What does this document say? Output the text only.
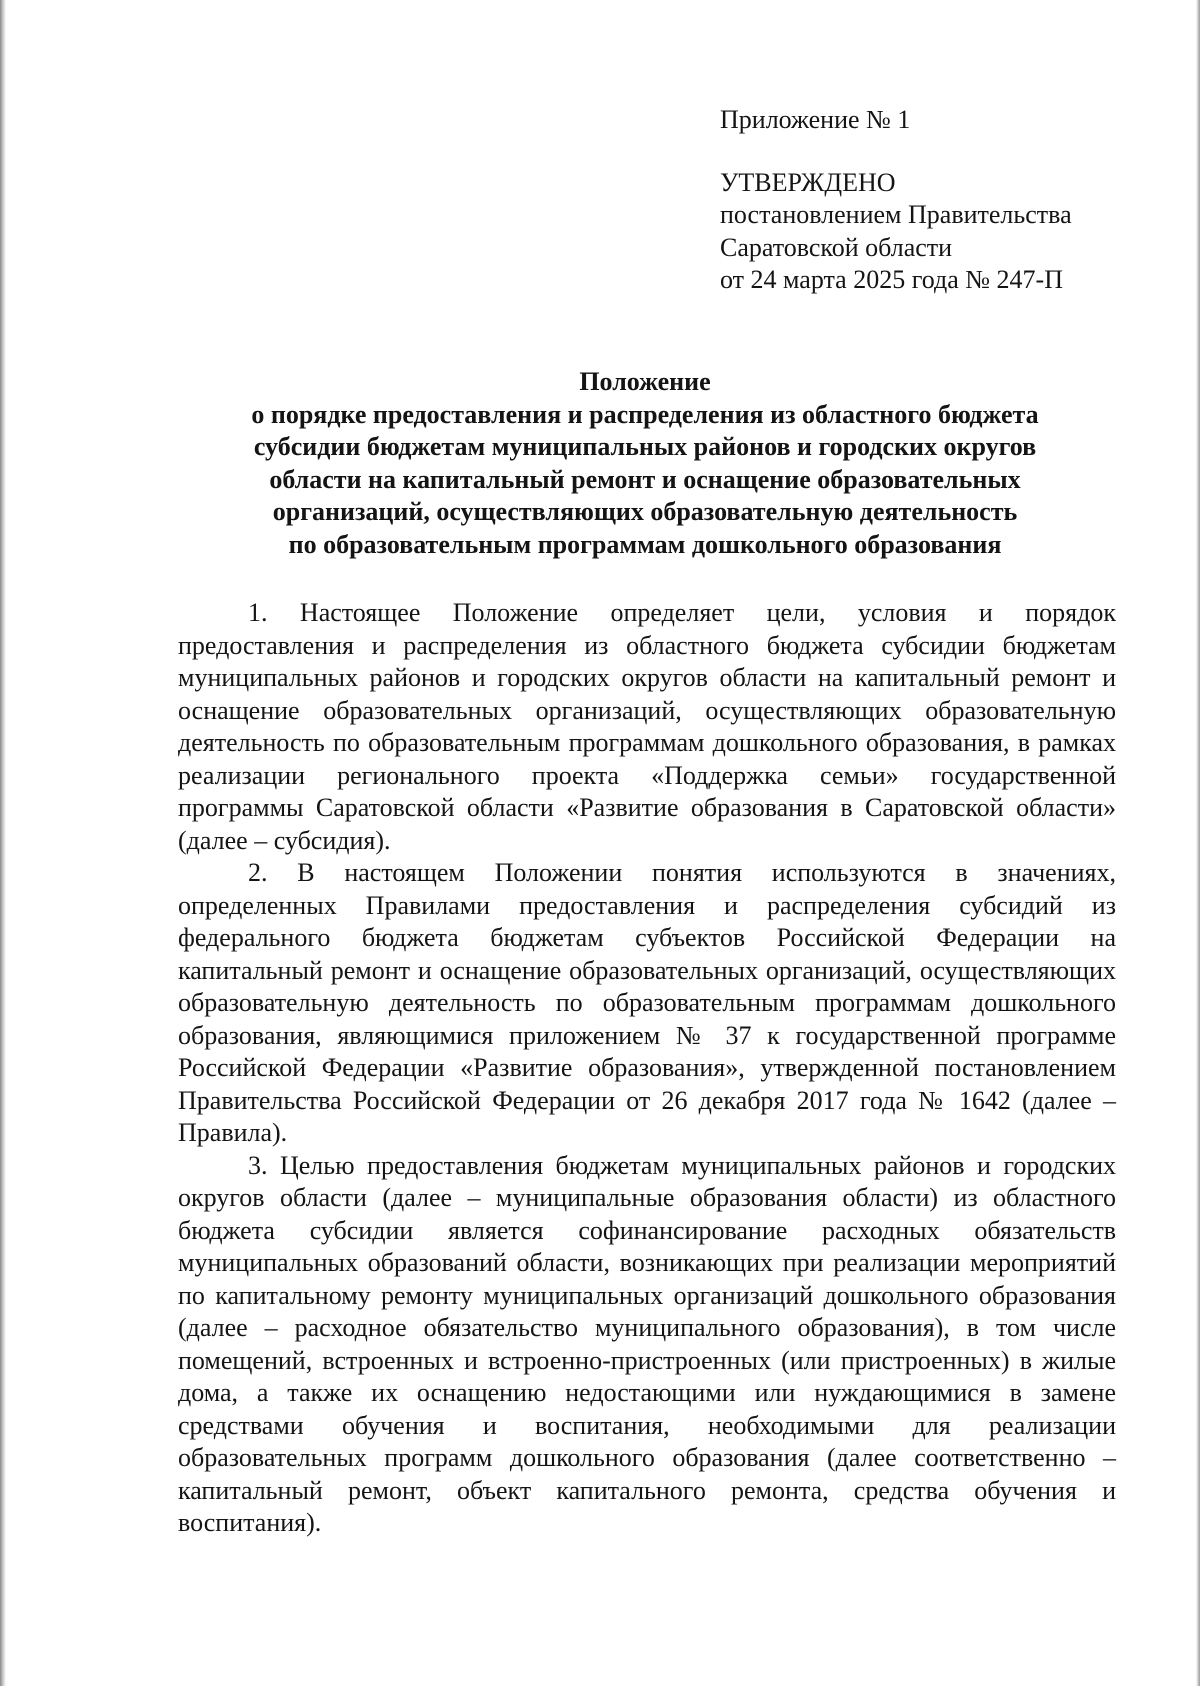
Приложение № 1

УТВЕРЖДЕНО
постановлением Правительства
Саратовской области
от 24 марта 2025 года № 247-П

Положение
о порядке предоставления и распределения из областного бюджета
субсидии бюджетам муниципальных районов и городских округов
области на капитальный ремонт и оснащение образовательных
организаций, осуществляющих образовательную деятельность
по образовательным программам дошкольного образования

1. Настоящее Положение определяет цели, условия и порядок предоставления и распределения из областного бюджета субсидии бюджетам муниципальных районов и городских округов области на капитальный ремонт и оснащение образовательных организаций, осуществляющих образовательную деятельность по образовательным программам дошкольного образования, в рамках реализации регионального проекта «Поддержка семьи» государственной программы Саратовской области «Развитие образования в Саратовской области» (далее – субсидия).

2. В настоящем Положении понятия используются в значениях, определенных Правилами предоставления и распределения субсидий из федерального бюджета бюджетам субъектов Российской Федерации на капитальный ремонт и оснащение образовательных организаций, осуществляющих образовательную деятельность по образовательным программам дошкольного образования, являющимися приложением № 37 к государственной программе Российской Федерации «Развитие образования», утвержденной постановлением Правительства Российской Федерации от 26 декабря 2017 года № 1642 (далее – Правила).

3. Целью предоставления бюджетам муниципальных районов и городских округов области (далее – муниципальные образования области) из областного бюджета субсидии является софинансирование расходных обязательств муниципальных образований области, возникающих при реализации мероприятий по капитальному ремонту муниципальных организаций дошкольного образования (далее – расходное обязательство муниципального образования), в том числе помещений, встроенных и встроенно-пристроенных (или пристроенных) в жилые дома, а также их оснащению недостающими или нуждающимися в замене средствами обучения и воспитания, необходимыми для реализации образовательных программ дошкольного образования (далее соответственно – капитальный ремонт, объект капитального ремонта, средства обучения и воспитания).
